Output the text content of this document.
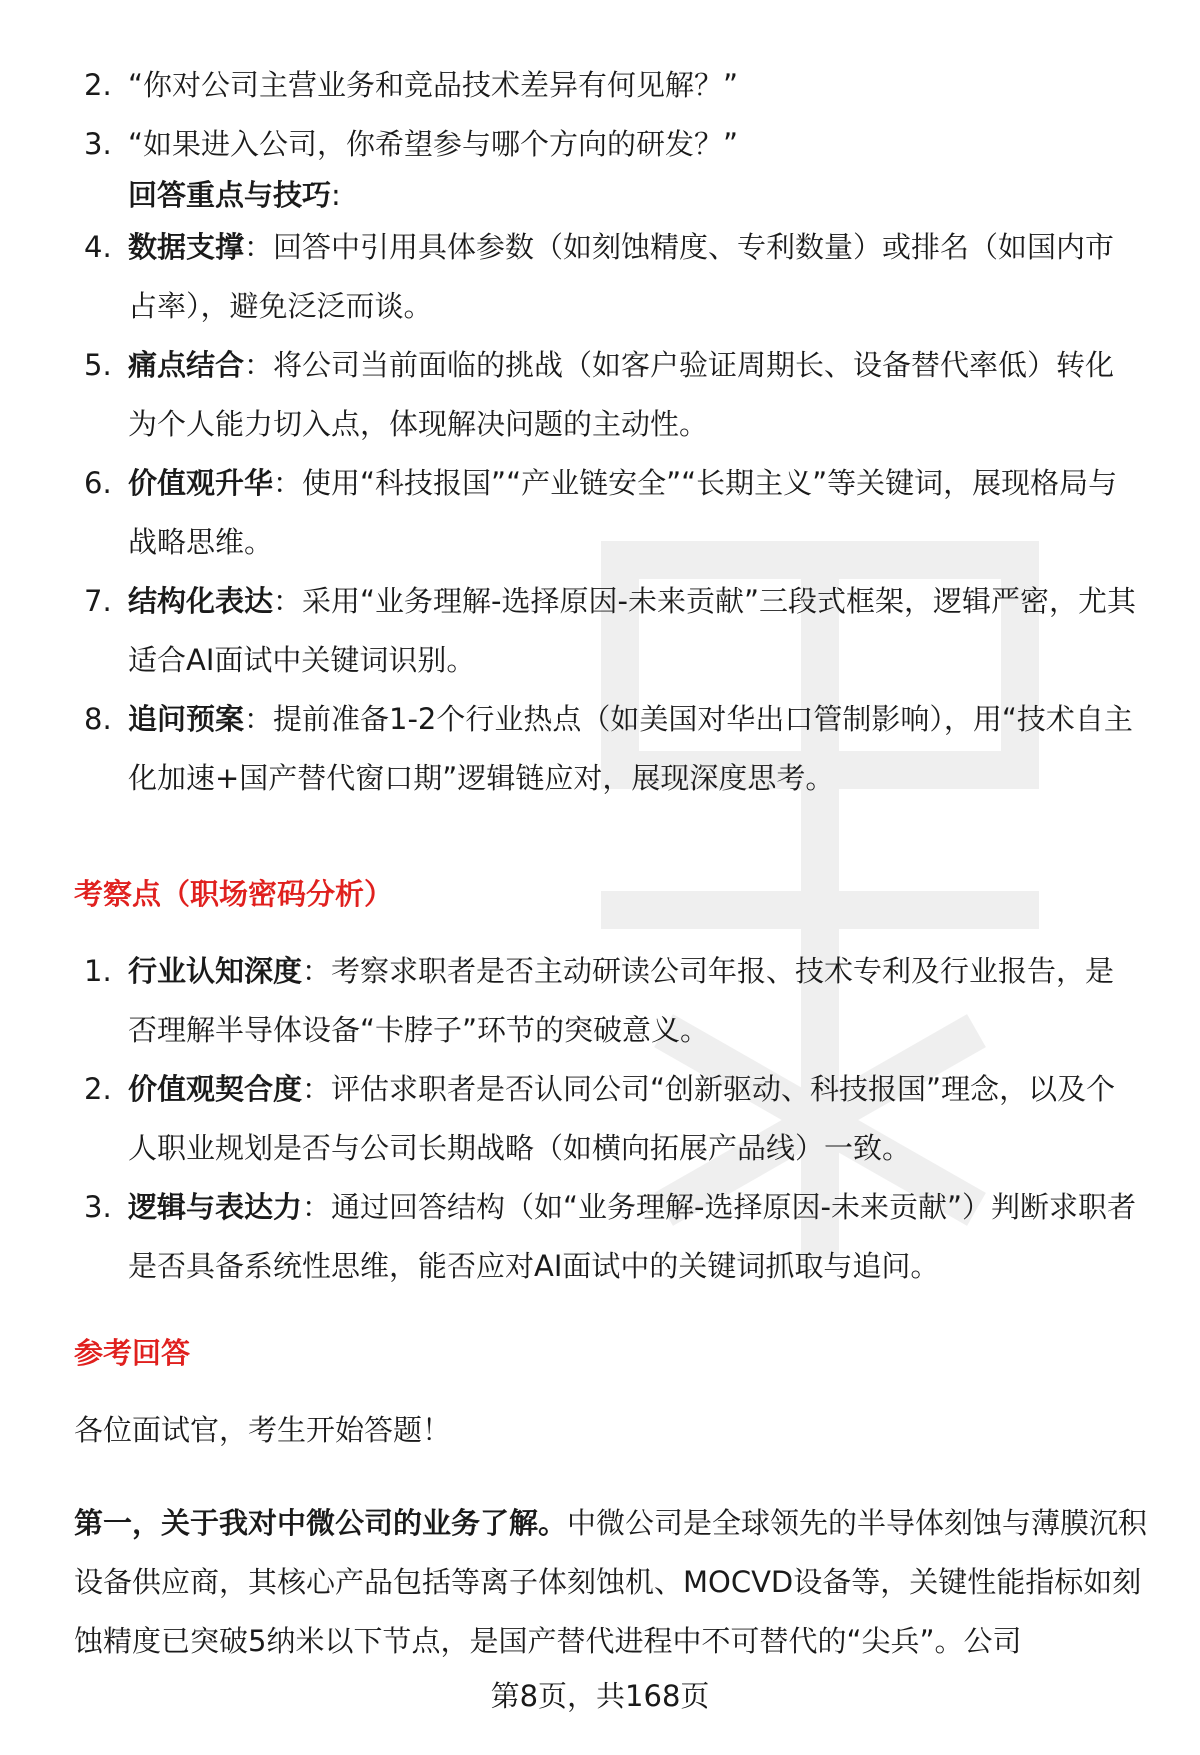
2. “你对公司主营业务和竞品技术差异有何见解？”
3. “如果进入公司，你希望参与哪个方向的研发？”
回答重点与技巧:
4. 数据支撑：回答中引用具体参数（如刻蚀精度、专利数量）或排名（如国内市占率），避免泛泛而谈。
5. 痛点结合：将公司当前面临的挑战（如客户验证周期长、设备替代率低）转化为个人能力切入点，体现解决问题的主动性。
6. 价值观升华：使用“科技报国”“产业链安全”“长期主义”等关键词，展现格局与战略思维。
7. 结构化表达：采用“业务理解-选择原因-未来贡献”三段式框架，逻辑严密，尤其适合AI面试中关键词识别。
8. 追问预案：提前准备1-2个行业热点（如美国对华出口管制影响），用“技术自主化加速+国产替代窗口期”逻辑链应对，展现深度思考。
考察点（职场密码分析）
1. 行业认知深度：考察求职者是否主动研读公司年报、技术专利及行业报告，是否理解半导体设备“卡脖子”环节的突破意义。
2. 价值观契合度：评估求职者是否认同公司“创新驱动、科技报国”理念，以及个人职业规划是否与公司长期战略（如横向拓展产品线）一致。
3. 逻辑与表达力：通过回答结构（如“业务理解-选择原因-未来贡献”）判断求职者是否具备系统性思维，能否应对AI面试中的关键词抓取与追问。
参考回答

各位面试官，考生开始答题！

第一，关于我对中微公司的业务了解。中微公司是全球领先的半导体刻蚀与薄膜沉积设备供应商，其核心产品包括等离子体刻蚀机、MOCVD设备等，关键性能指标如刻蚀精度已突破5纳米以下节点，是国产替代进程中不可替代的“尖兵”。公司

第8页，共168页
